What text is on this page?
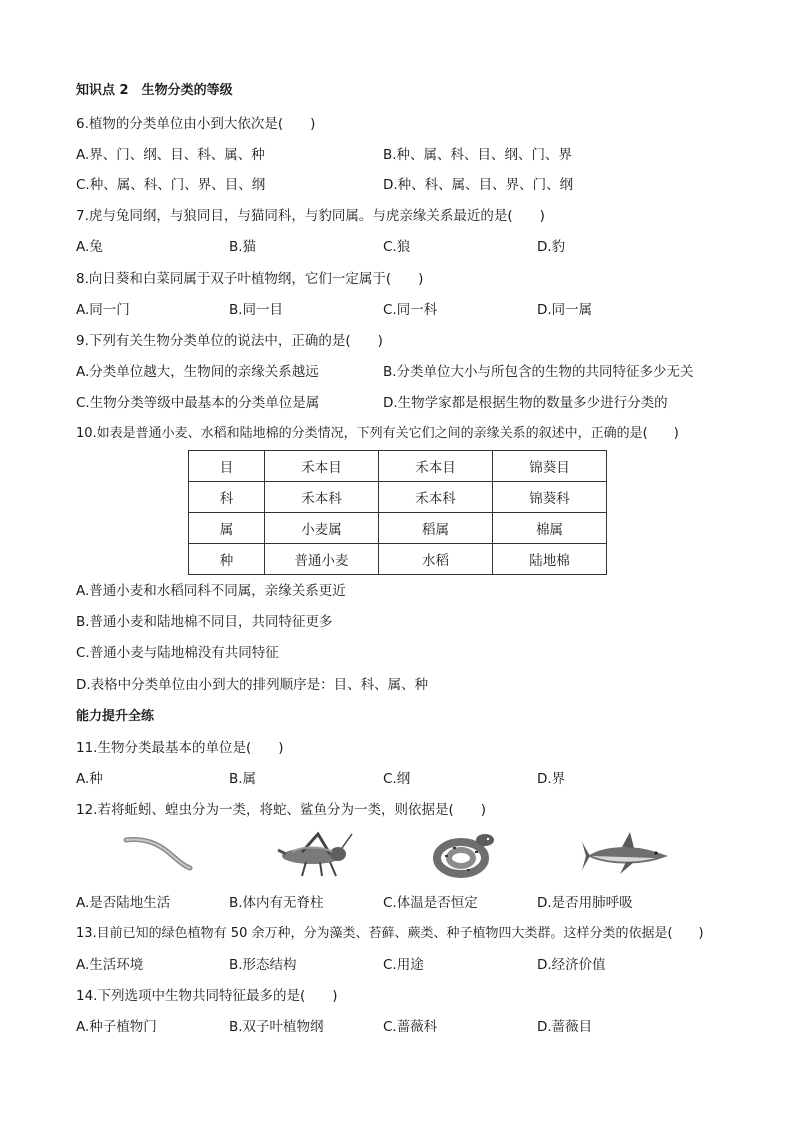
知识点 2　生物分类的等级
6.植物的分类单位由小到大依次是(　　)
A.界、门、纲、目、科、属、种	B.种、属、科、目、纲、门、界
C.种、属、科、门、界、目、纲	D.种、科、属、目、界、门、纲
7.虎与兔同纲，与狼同目，与猫同科，与豹同属。与虎亲缘关系最近的是(　　)
A.兔	B.猫	C.狼	D.豹
8.向日葵和白菜同属于双子叶植物纲，它们一定属于(　　)
A.同一门	B.同一目	C.同一科	D.同一属
9.下列有关生物分类单位的说法中，正确的是(　　)
A.分类单位越大，生物间的亲缘关系越远	B.分类单位大小与所包含的生物的共同特征多少无关
C.生物分类等级中最基本的分类单位是属	D.生物学家都是根据生物的数量多少进行分类的
10.如表是普通小麦、水稻和陆地棉的分类情况，下列有关它们之间的亲缘关系的叙述中，正确的是(　　)
目	禾本目	禾本目	锦葵目
科	禾本科	禾本科	锦葵科
属	小麦属	稻属	棉属
种	普通小麦	水稻	陆地棉
A.普通小麦和水稻同科不同属，亲缘关系更近
B.普通小麦和陆地棉不同目，共同特征更多
C.普通小麦与陆地棉没有共同特征
D.表格中分类单位由小到大的排列顺序是：目、科、属、种
能力提升全练
11.生物分类最基本的单位是(　　)
A.种	B.属	C.纲	D.界
12.若将蚯蚓、蝗虫分为一类，将蛇、鲨鱼分为一类，则依据是(　　)
A.是否陆地生活	B.体内有无脊柱	C.体温是否恒定	D.是否用肺呼吸
13.目前已知的绿色植物有 50 余万种，分为藻类、苔藓、蕨类、种子植物四大类群。这样分类的依据是(　　)
A.生活环境	B.形态结构	C.用途	D.经济价值
14.下列选项中生物共同特征最多的是(　　)
A.种子植物门	B.双子叶植物纲	C.蔷薇科	D.蔷薇目
